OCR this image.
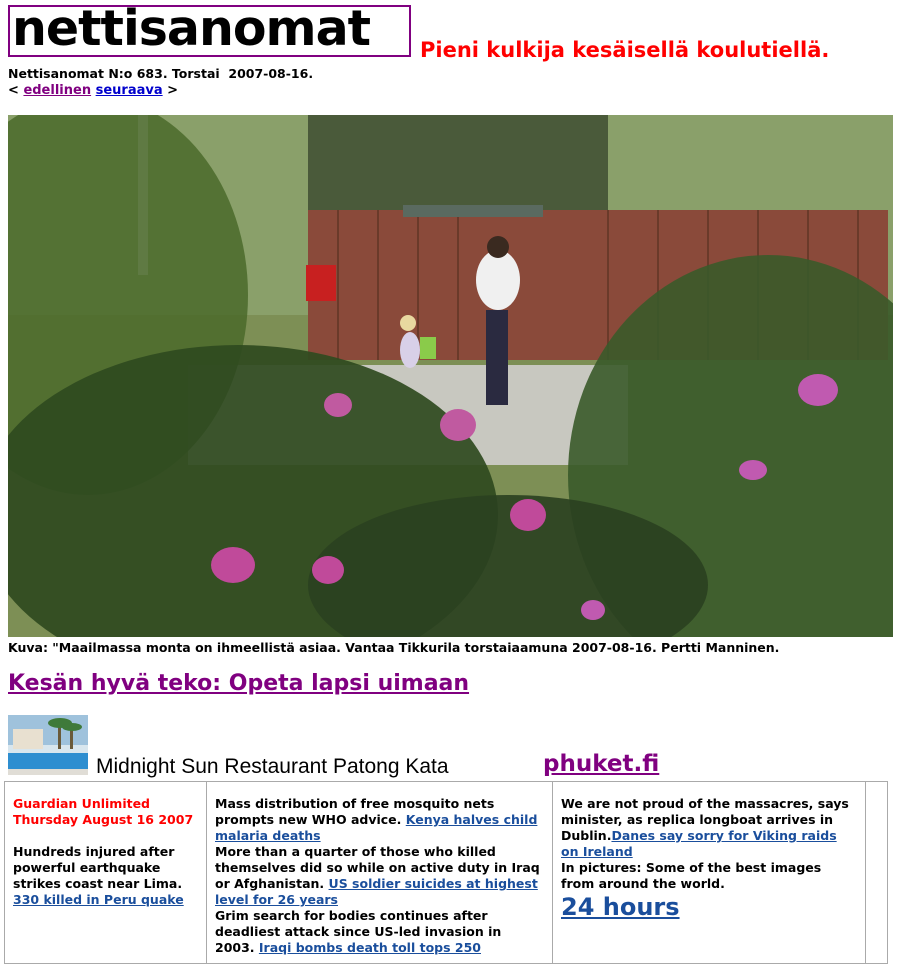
nettisanomat	Pieni kulkija kesäisellä koulutiellä.
Nettisanomat N:o 683. Torstai  2007-08-16.
< edellinen seuraava >
Kuva: "Maailmassa monta on ihmeellistä asiaa. Vantaa Tikkurila torstaiaamuna 2007-08-16. Pertti Manninen.
Kesän hyvä teko: Opeta lapsi uimaan
Midnight Sun Restaurant Patong Kata	phuket.fi
Guardian Unlimited
Thursday August 16 2007
Hundreds injured after powerful earthquake strikes coast near Lima. 330 killed in Peru quake
Mass distribution of free mosquito nets prompts new WHO advice. Kenya halves child malaria deaths
More than a quarter of those who killed themselves did so while on active duty in Iraq or Afghanistan. US soldier suicides at highest level for 26 years
Grim search for bodies continues after deadliest attack since US-led invasion in 2003. Iraqi bombs death toll tops 250
We are not proud of the massacres, says minister, as replica longboat arrives in Dublin.Danes say sorry for Viking raids on Ireland
In pictures: Some of the best images from around the world.
24 hours
